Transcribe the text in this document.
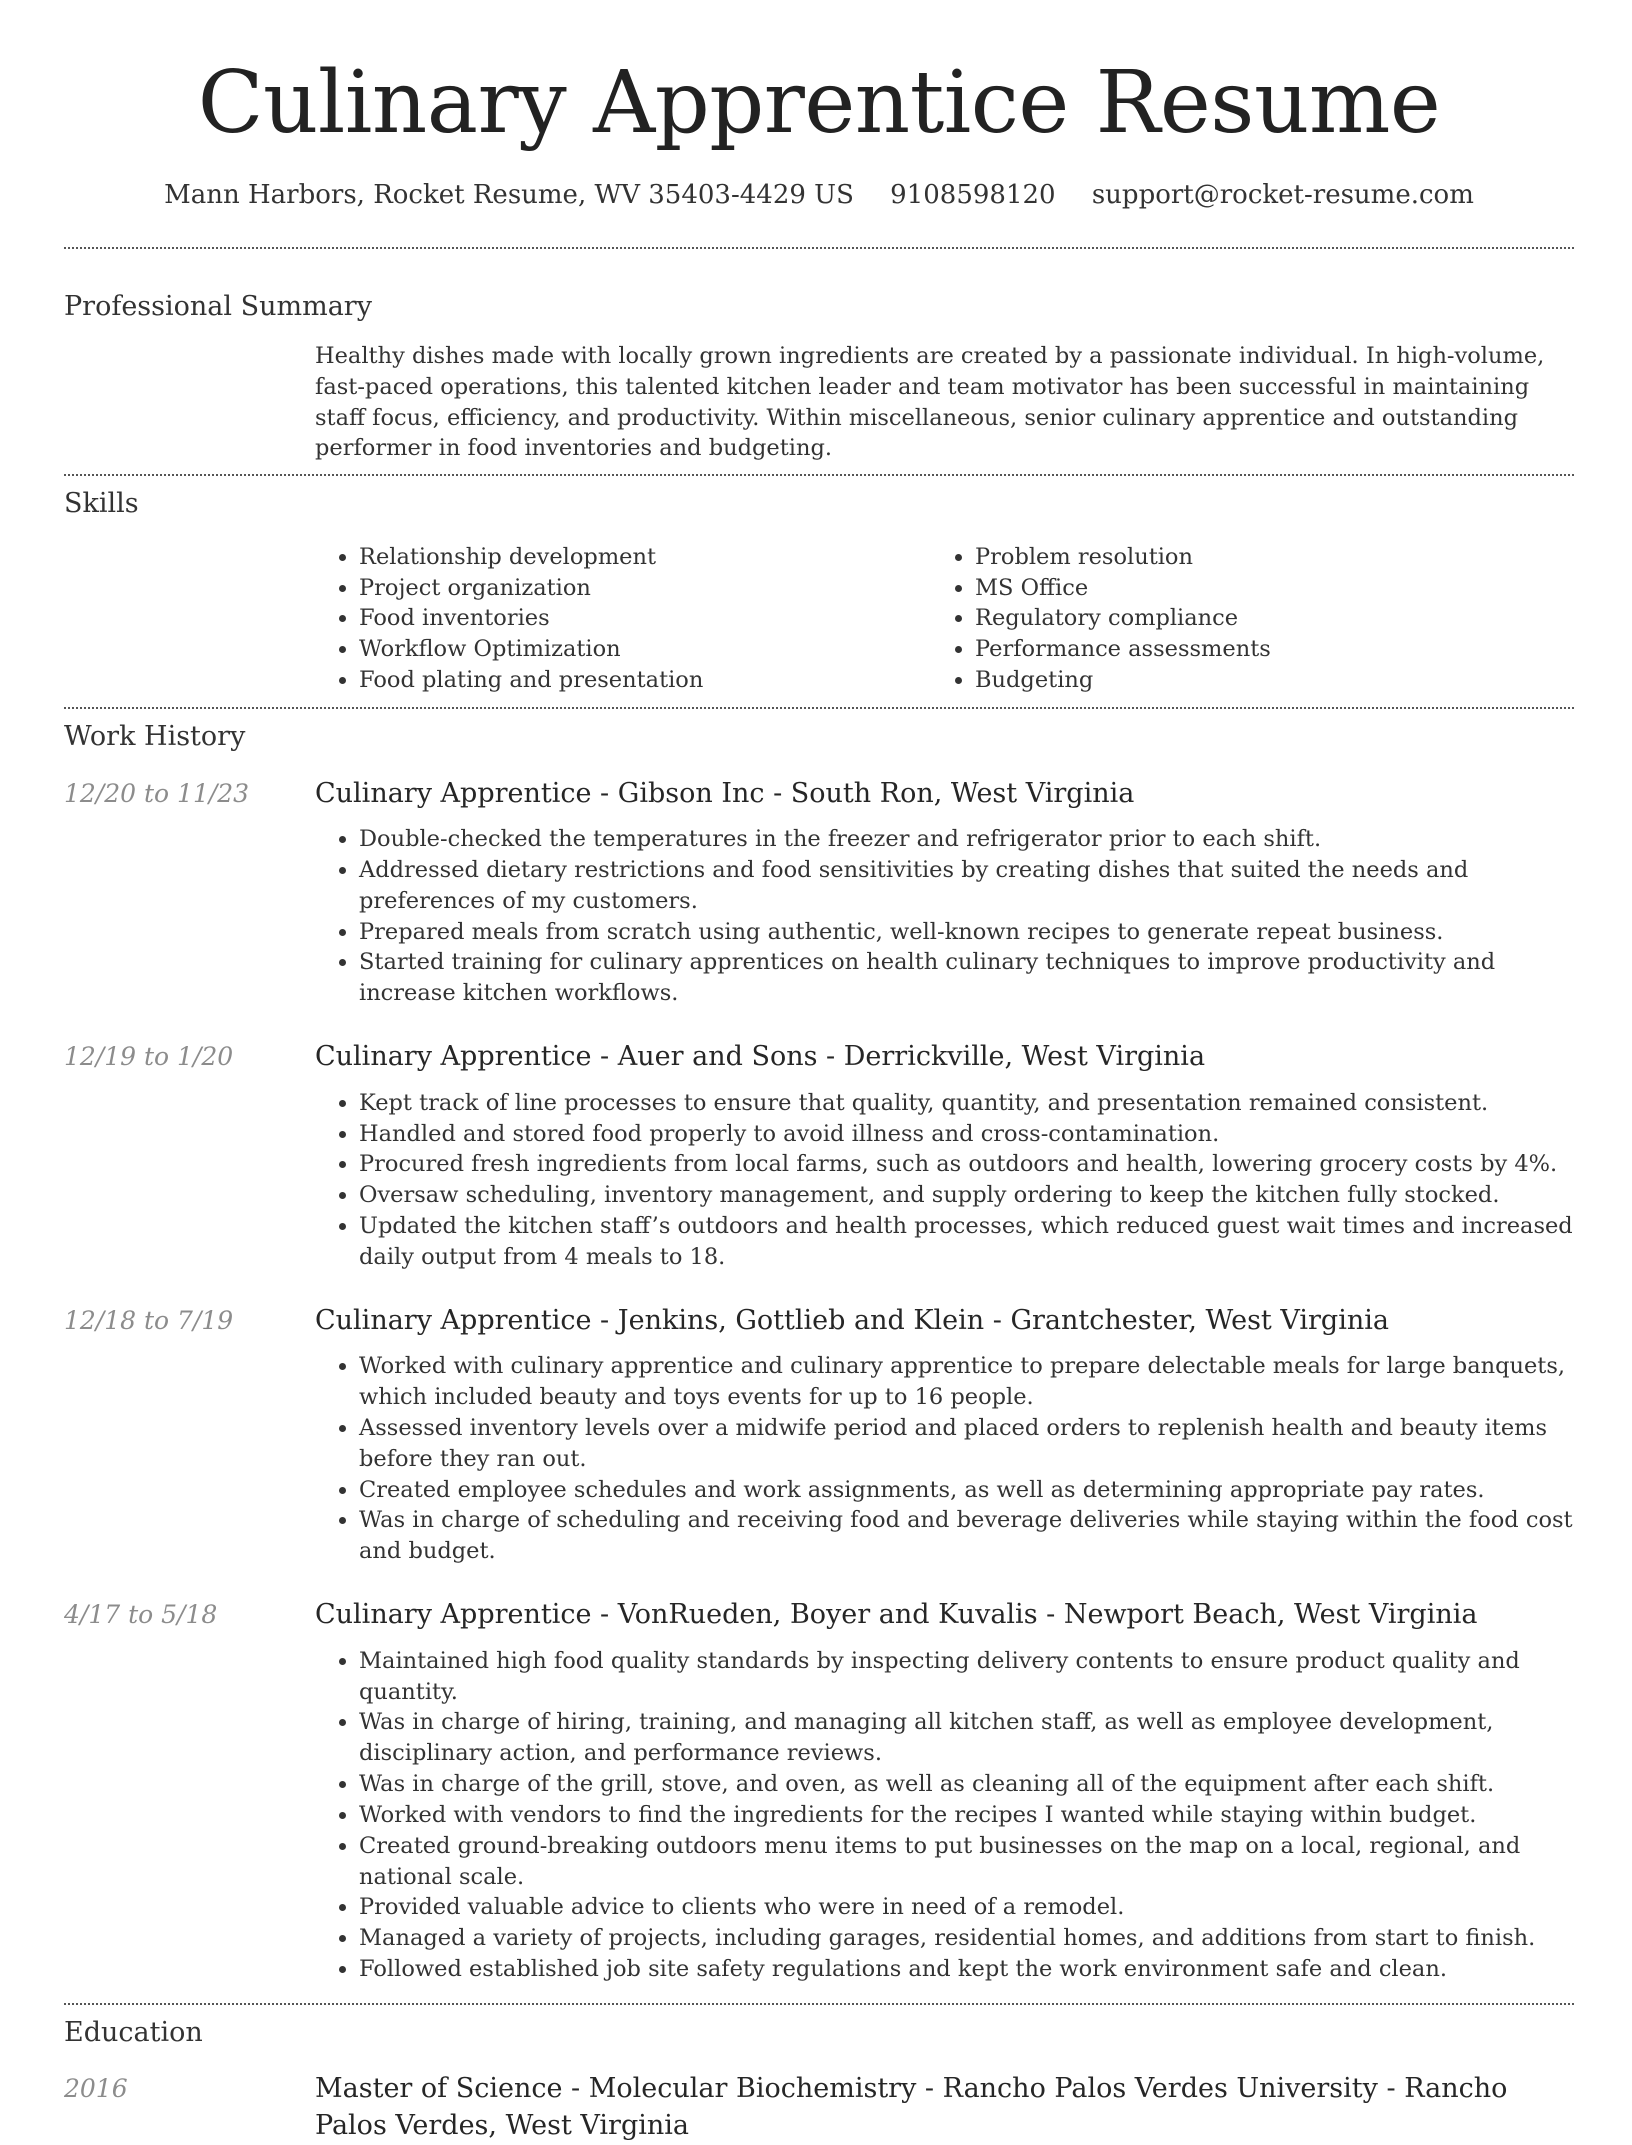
Culinary Apprentice Resume
Mann Harbors, Rocket Resume, WV 35403-4429 US 9108598120 support@rocket-resume.com
Professional Summary

Healthy dishes made with locally grown ingredients are created by a passionate individual. In high-volume, fast-paced operations, this talented kitchen leader and team motivator has been successful in maintaining staff focus, efficiency, and productivity. Within miscellaneous, senior culinary apprentice and outstanding performer in food inventories and budgeting.

Skills
• Relationship development
• Project organization
• Food inventories
• Workflow Optimization
• Food plating and presentation
• Problem resolution
• MS Office
• Regulatory compliance
• Performance assessments
• Budgeting
Work History
12/20 to 11/23	Culinary Apprentice - Gibson Inc - South Ron, West Virginia
• Double-checked the temperatures in the freezer and refrigerator prior to each shift.
• Addressed dietary restrictions and food sensitivities by creating dishes that suited the needs and preferences of my customers.
• Prepared meals from scratch using authentic, well-known recipes to generate repeat business.
• Started training for culinary apprentices on health culinary techniques to improve productivity and increase kitchen workflows.
12/19 to 1/20	Culinary Apprentice - Auer and Sons - Derrickville, West Virginia
• Kept track of line processes to ensure that quality, quantity, and presentation remained consistent.
• Handled and stored food properly to avoid illness and cross-contamination.
• Procured fresh ingredients from local farms, such as outdoors and health, lowering grocery costs by 4%.
• Oversaw scheduling, inventory management, and supply ordering to keep the kitchen fully stocked.
• Updated the kitchen staff’s outdoors and health processes, which reduced guest wait times and increased daily output from 4 meals to 18.
12/18 to 7/19	Culinary Apprentice - Jenkins, Gottlieb and Klein - Grantchester, West Virginia
• Worked with culinary apprentice and culinary apprentice to prepare delectable meals for large banquets, which included beauty and toys events for up to 16 people.
• Assessed inventory levels over a midwife period and placed orders to replenish health and beauty items before they ran out.
• Created employee schedules and work assignments, as well as determining appropriate pay rates.
• Was in charge of scheduling and receiving food and beverage deliveries while staying within the food cost and budget.
4/17 to 5/18	Culinary Apprentice - VonRueden, Boyer and Kuvalis - Newport Beach, West Virginia
• Maintained high food quality standards by inspecting delivery contents to ensure product quality and quantity.
• Was in charge of hiring, training, and managing all kitchen staff, as well as employee development, disciplinary action, and performance reviews.
• Was in charge of the grill, stove, and oven, as well as cleaning all of the equipment after each shift.
• Worked with vendors to find the ingredients for the recipes I wanted while staying within budget.
• Created ground-breaking outdoors menu items to put businesses on the map on a local, regional, and national scale.
• Provided valuable advice to clients who were in need of a remodel.
• Managed a variety of projects, including garages, residential homes, and additions from start to finish.
• Followed established job site safety regulations and kept the work environment safe and clean.
Education
2016	Master of Science - Molecular Biochemistry - Rancho Palos Verdes University - Rancho Palos Verdes, West Virginia
